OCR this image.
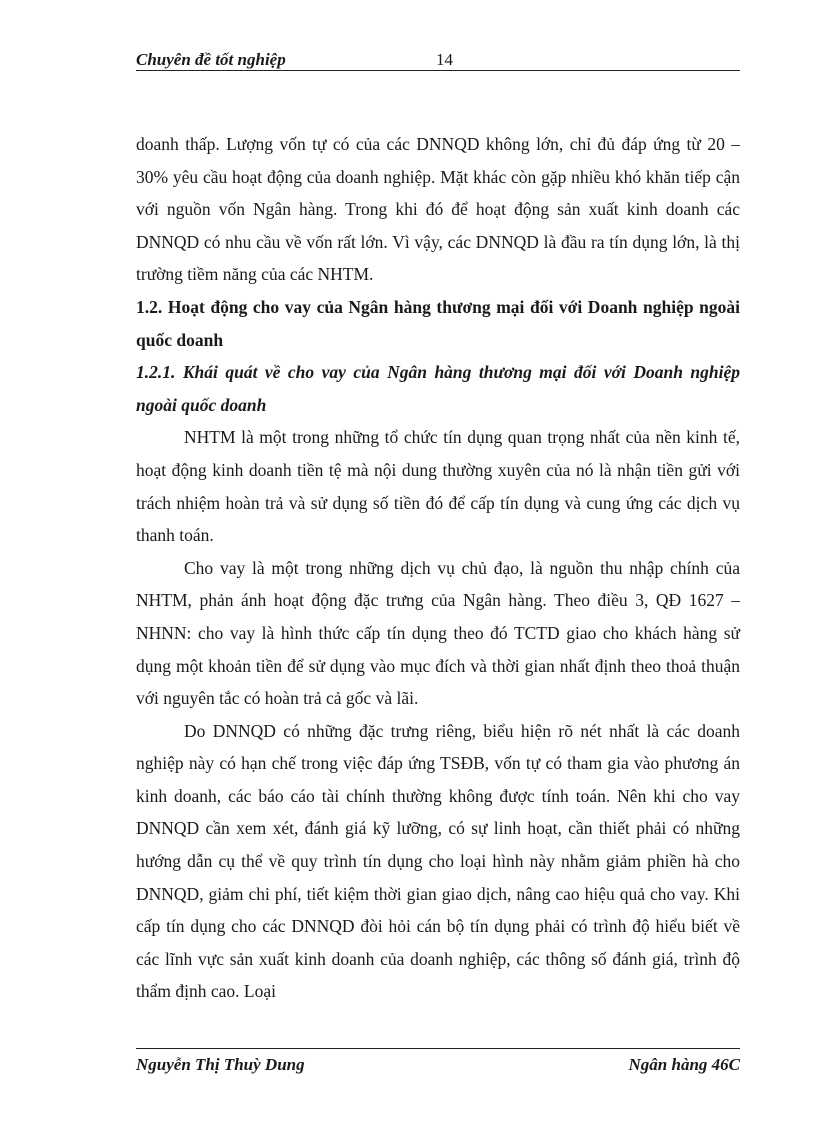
Chuyên đề tốt nghiệp	14

doanh thấp. Lượng vốn tự có của các DNNQD không lớn, chỉ đủ đáp ứng từ 20 – 30% yêu cầu hoạt động của doanh nghiệp. Mặt khác còn gặp nhiều khó khăn tiếp cận với nguồn vốn Ngân hàng. Trong khi đó để hoạt động sản xuất kinh doanh các DNNQD có nhu cầu về vốn rất lớn. Vì vậy, các DNNQD là đầu ra tín dụng lớn, là thị trường tiềm năng của các NHTM.

1.2. Hoạt động cho vay của Ngân hàng thương mại đối với Doanh nghiệp ngoài quốc doanh

1.2.1. Khái quát về cho vay của Ngân hàng thương mại đối với Doanh nghiệp ngoài quốc doanh

NHTM là một trong những tổ chức tín dụng quan trọng nhất của nền kinh tế, hoạt động kinh doanh tiền tệ mà nội dung thường xuyên của nó là nhận tiền gửi với trách nhiệm hoàn trả và sử dụng số tiền đó để cấp tín dụng và cung ứng các dịch vụ thanh toán.

Cho vay là một trong những dịch vụ chủ đạo, là nguồn thu nhập chính của NHTM, phản ánh hoạt động đặc trưng của Ngân hàng. Theo điều 3, QĐ 1627 – NHNN: cho vay là hình thức cấp tín dụng theo đó TCTD giao cho khách hàng sử dụng một khoản tiền để sử dụng vào mục đích và thời gian nhất định theo thoả thuận với nguyên tắc có hoàn trả cả gốc và lãi.

Do DNNQD có những đặc trưng riêng, biểu hiện rõ nét nhất là các doanh nghiệp này có hạn chế trong việc đáp ứng TSĐB, vốn tự có tham gia vào phương án kinh doanh, các báo cáo tài chính thường không được tính toán. Nên khi cho vay DNNQD cần xem xét, đánh giá kỹ lưỡng, có sự linh hoạt, cần thiết phải có những hướng dẫn cụ thể về quy trình tín dụng cho loại hình này nhằm giảm phiền hà cho DNNQD, giảm chi phí, tiết kiệm thời gian giao dịch, nâng cao hiệu quả cho vay. Khi cấp tín dụng cho các DNNQD đòi hỏi cán bộ tín dụng phải có trình độ hiểu biết về các lĩnh vực sản xuất kinh doanh của doanh nghiệp, các thông số đánh giá, trình độ thẩm định cao. Loại

Nguyễn Thị Thuỳ Dung	Ngân hàng 46C
